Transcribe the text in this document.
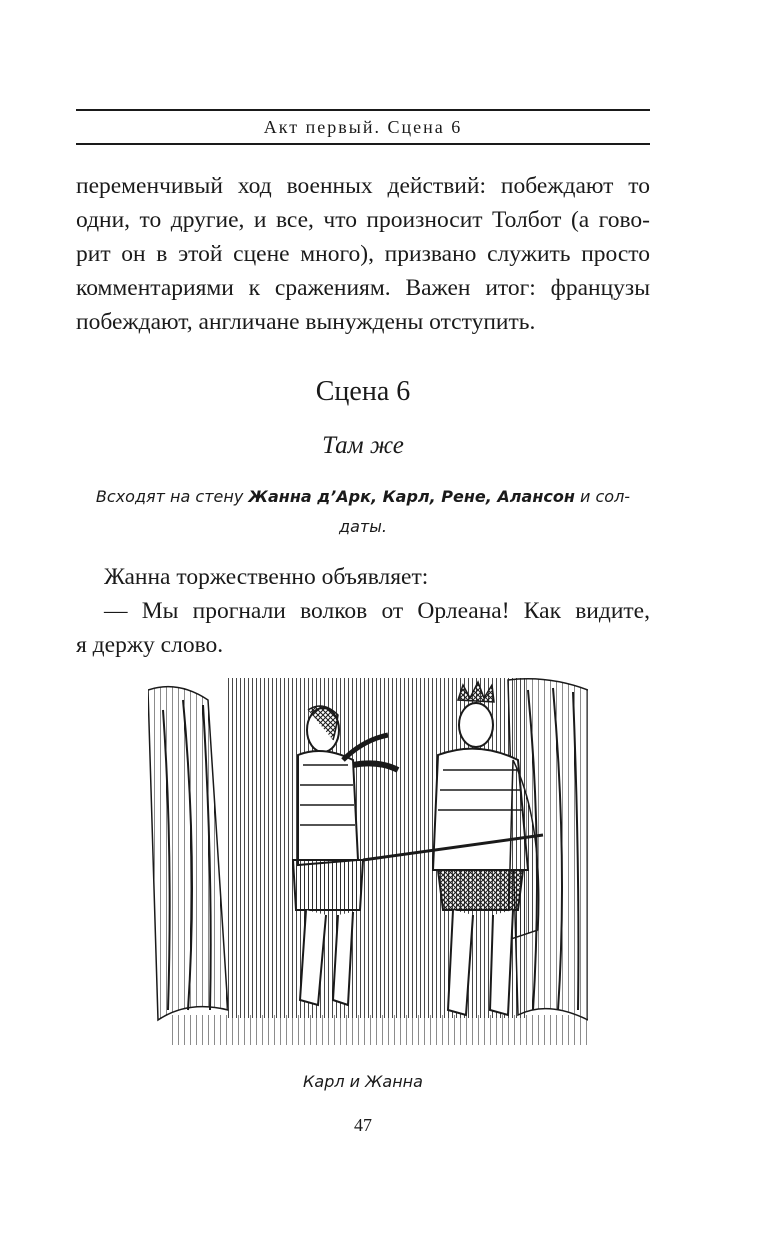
Акт первый. Сцена 6
переменчивый ход военных действий: побеждают то
одни, то другие, и все, что произносит Толбот (а гово-
рит он в этой сцене много), призвано служить просто
комментариями к сражениям. Важен итог: французы
побеждают, англичане вынуждены отступить.
Сцена 6
Там же
Всходят на стену Жанна д’Арк, Карл, Рене, Алансон и сол-
даты.
Жанна торжественно объявляет:
— Мы прогнали волков от Орлеана! Как видите,
я держу слово.
Карл и Жанна
47
